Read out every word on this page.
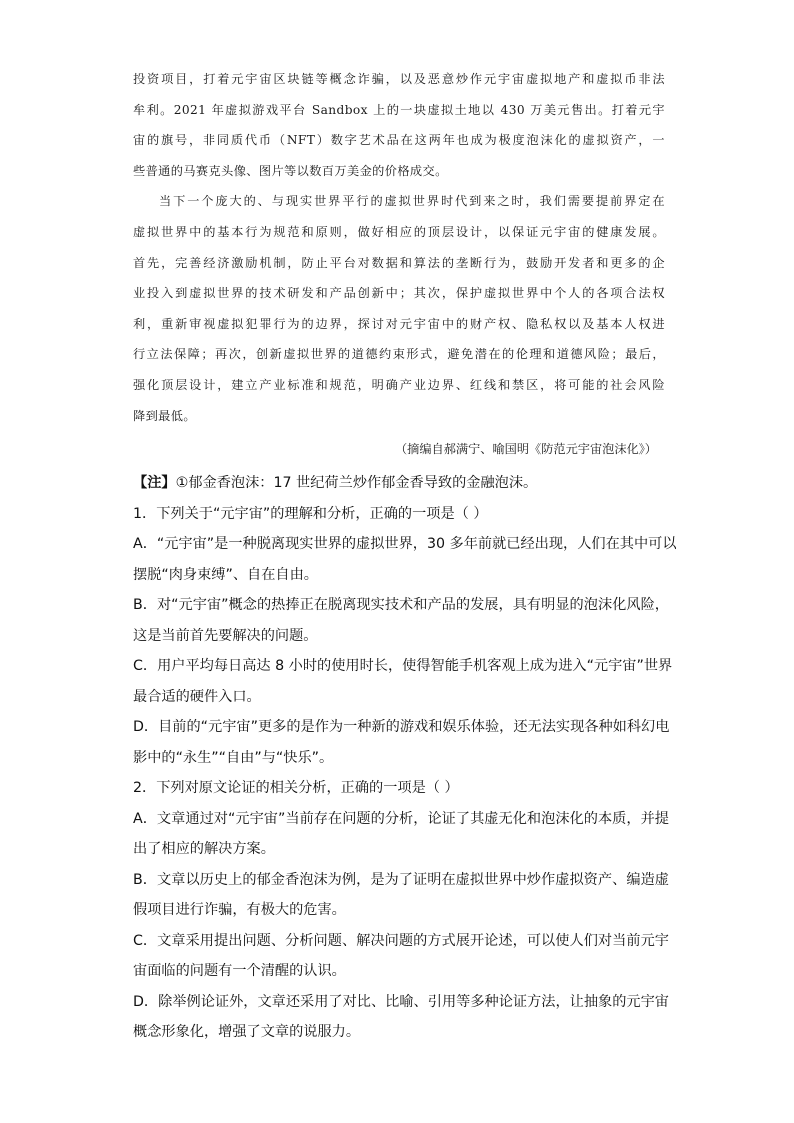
投资项目，打着元宇宙区块链等概念诈骗，以及恶意炒作元宇宙虚拟地产和虚拟币非法
牟利。2021 年虚拟游戏平台 Sandbox 上的一块虚拟土地以 430 万美元售出。打着元宇
宙的旗号，非同质代币（NFT）数字艺术品在这两年也成为极度泡沫化的虚拟资产，一
些普通的马赛克头像、图片等以数百万美金的价格成交。
当下一个庞大的、与现实世界平行的虚拟世界时代到来之时，我们需要提前界定在
虚拟世界中的基本行为规范和原则，做好相应的顶层设计，以保证元宇宙的健康发展。
首先，完善经济激励机制，防止平台对数据和算法的垄断行为，鼓励开发者和更多的企
业投入到虚拟世界的技术研发和产品创新中；其次，保护虚拟世界中个人的各项合法权
利，重新审视虚拟犯罪行为的边界，探讨对元宇宙中的财产权、隐私权以及基本人权进
行立法保障；再次，创新虚拟世界的道德约束形式，避免潜在的伦理和道德风险；最后，
强化顶层设计，建立产业标准和规范，明确产业边界、红线和禁区，将可能的社会风险
降到最低。
（摘编自郝满宁、喻国明《防范元宇宙泡沫化》）
【注】①郁金香泡沫：17 世纪荷兰炒作郁金香导致的金融泡沫。
1．下列关于“元宇宙”的理解和分析，正确的一项是（ ）
A．“元宇宙”是一种脱离现实世界的虚拟世界，30 多年前就已经出现，人们在其中可以
摆脱“肉身束缚”、自在自由。
B．对“元宇宙”概念的热捧正在脱离现实技术和产品的发展，具有明显的泡沫化风险，
这是当前首先要解决的问题。
C．用户平均每日高达 8 小时的使用时长，使得智能手机客观上成为进入“元宇宙”世界
最合适的硬件入口。
D．目前的“元宇宙”更多的是作为一种新的游戏和娱乐体验，还无法实现各种如科幻电
影中的“永生”“自由”与“快乐”。
2．下列对原文论证的相关分析，正确的一项是（ ）
A．文章通过对“元宇宙”当前存在问题的分析，论证了其虚无化和泡沫化的本质，并提
出了相应的解决方案。
B．文章以历史上的郁金香泡沫为例，是为了证明在虚拟世界中炒作虚拟资产、编造虚
假项目进行诈骗，有极大的危害。
C．文章采用提出问题、分析问题、解决问题的方式展开论述，可以使人们对当前元宇
宙面临的问题有一个清醒的认识。
D．除举例论证外，文章还采用了对比、比喻、引用等多种论证方法，让抽象的元宇宙
概念形象化，增强了文章的说服力。
